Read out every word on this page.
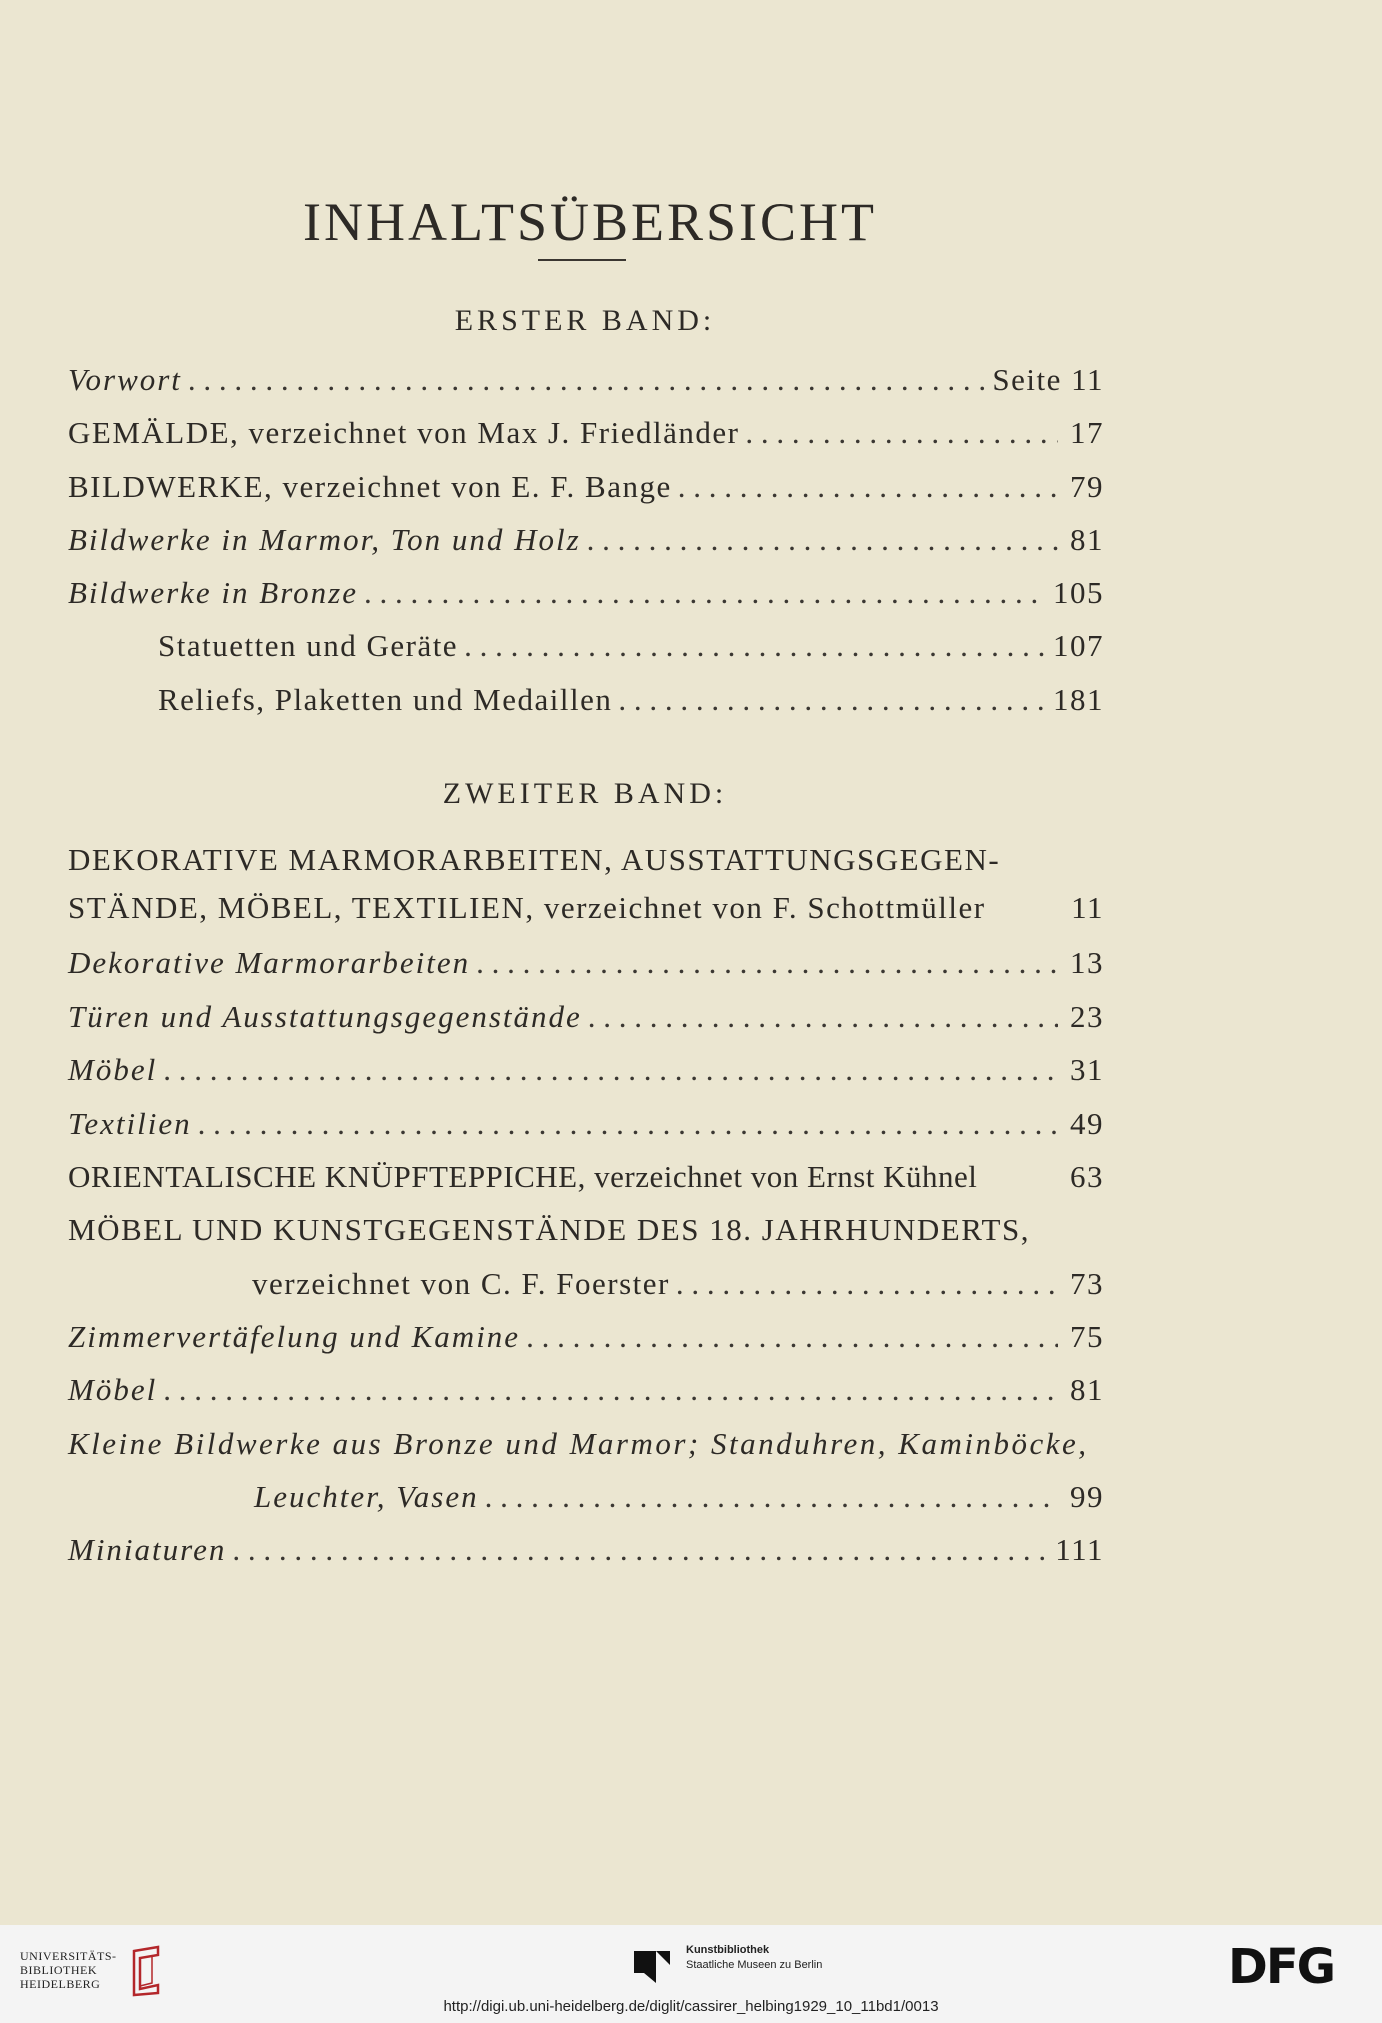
INHALTSÜBERSICHT
ERSTER BAND:
Vorwort . . .	Seite 11
GEMÄLDE, verzeichnet von Max J. Friedländer . . .	17
BILDWERKE, verzeichnet von E. F. Bange . . .	79
Bildwerke in Marmor, Ton und Holz . . .	81
Bildwerke in Bronze . . .	105
Statuetten und Geräte . . .	107
Reliefs, Plaketten und Medaillen . . .	181
ZWEITER BAND:
DEKORATIVE MARMORARBEITEN, AUSSTATTUNGSGEGEN-
STÄNDE, MÖBEL, TEXTILIEN, verzeichnet von F. Schottmüller	11
Dekorative Marmorarbeiten . . .	13
Türen und Ausstattungsgegenstände . . .	23
Möbel . . .	31
Textilien . . .	49
ORIENTALISCHE KNÜPFTEPPICHE, verzeichnet von Ernst Kühnel	63
MÖBEL UND KUNSTGEGENSTÄNDE DES 18. JAHRHUNDERTS,
verzeichnet von C. F. Foerster . . .	73
Zimmervertäfelung und Kamine . . .	75
Möbel . . .	81
Kleine Bildwerke aus Bronze und Marmor; Standuhren, Kaminböcke,
Leuchter, Vasen . . .	99
Miniaturen . . .	111
UNIVERSITÄTS-
BIBLIOTHEK
HEIDELBERG
Kunstbibliothek
Staatliche Museen zu Berlin	DFG
http://digi.ub.uni-heidelberg.de/diglit/cassirer_helbing1929_10_11bd1/0013
